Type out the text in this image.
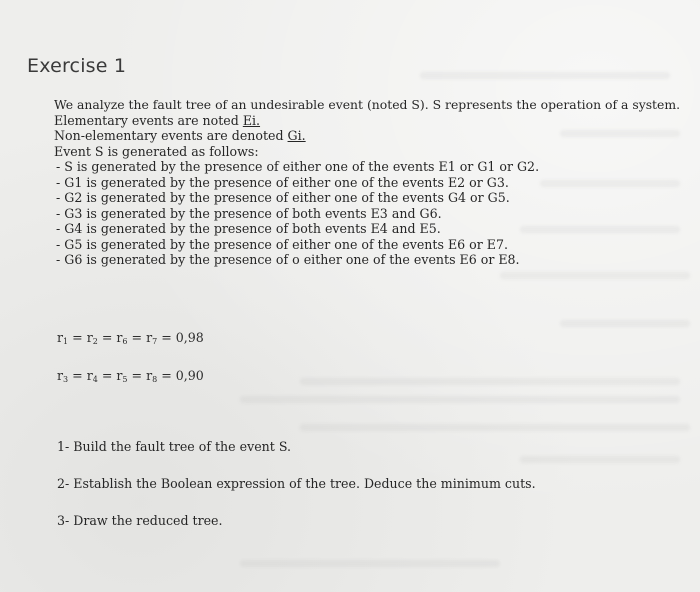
Exercise 1
We analyze the fault tree of an undesirable event (noted S). S represents the operation of a system.
Elementary events are noted Ei.
Non-elementary events are denoted Gi.
Event S is generated as follows:
- S is generated by the presence of either one of the events E1 or G1 or G2.
- G1 is generated by the presence of either one of the events E2 or G3.
- G2 is generated by the presence of either one of the events G4 or G5.
- G3 is generated by the presence of both events E3 and G6.
- G4 is generated by the presence of both events E4 and E5.
- G5 is generated by the presence of either one of the events E6 or E7.
- G6 is generated by the presence of o either one of the events E6 or E8.
$r_1 = r_2 = r_6 = r_7 = 0,98$
$r_3 = r_4 = r_5 = r_8 = 0,90$
1- Build the fault tree of the event S.
2- Establish the Boolean expression of the tree. Deduce the minimum cuts.
3- Draw the reduced tree.
